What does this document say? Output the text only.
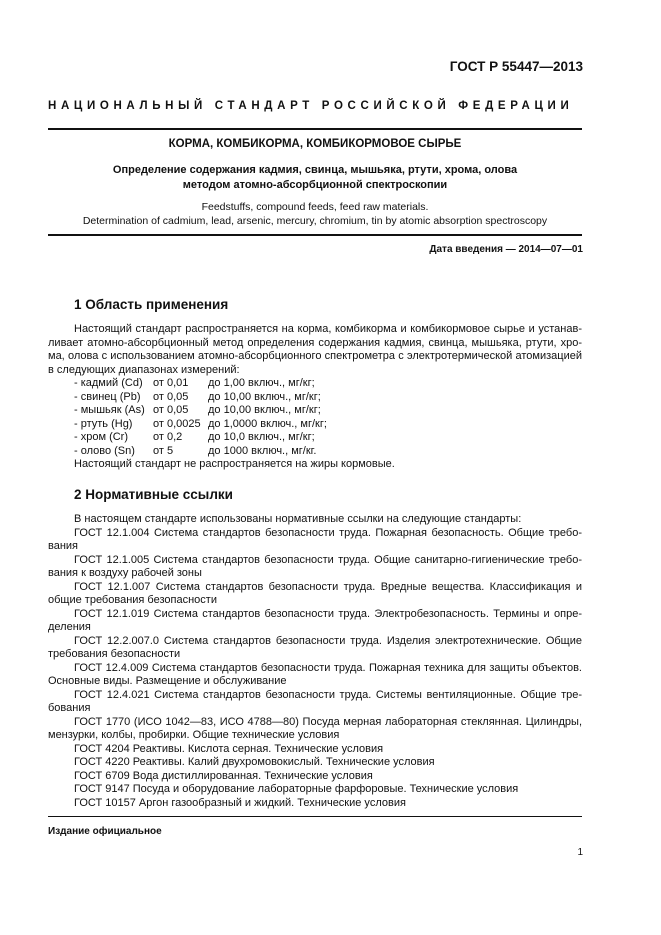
ГОСТ Р 55447—2013
НАЦИОНАЛЬНЫЙ СТАНДАРТ РОССИЙСКОЙ ФЕДЕРАЦИИ
КОРМА, КОМБИКОРМА, КОМБИКОРМОВОЕ СЫРЬЕ
Определение содержания кадмия, свинца, мышьяка, ртути, хрома, олова
методом атомно-абсорбционной спектроскопии
Feedstuffs, compound feeds, feed raw materials.
Determination of cadmium, lead, arsenic, mercury, chromium, tin by atomic absorption spectroscopy
Дата введения — 2014—07—01
1 Область применения

Настоящий стандарт распространяется на корма, комбикорма и комбикормовое сырье и устанав-

ливает атомно-абсорбционный метод определения содержания кадмия, свинца, мышьяка, ртути, хро-

ма, олова с использованием атомно-абсорбционного спектрометра с электротермической атомизацией

в следующих диапазонах измерений:

- кадмий (Cd) от 0,01 до 1,00 включ., мг/кг;
- свинец (Pb) от 0,05 до 10,00 включ., мг/кг;
- мышьяк (As) от 0,05 до 10,00 включ., мг/кг;
- ртуть (Hg) от 0,0025 до 1,0000 включ., мг/кг;
- хром (Cr) от 0,2 до 10,0 включ., мг/кг;
- олово (Sn) от 5	до 1000 включ., мг/кг.
Настоящий стандарт не распространяется на жиры кормовые.
2 Нормативные ссылки

В настоящем стандарте использованы нормативные ссылки на следующие стандарты:

ГОСТ 12.1.004 Система стандартов безопасности труда. Пожарная безопасность. Общие требо-

вания

ГОСТ 12.1.005 Система стандартов безопасности труда. Общие санитарно-гигиенические требо-

вания к воздуху рабочей зоны

ГОСТ 12.1.007 Система стандартов безопасности труда. Вредные вещества. Классификация и

общие требования безопасности

ГОСТ 12.1.019 Система стандартов безопасности труда. Электробезопасность. Термины и опре-

деления

ГОСТ 12.2.007.0 Система стандартов безопасности труда. Изделия электротехнические. Общие

требования безопасности

ГОСТ 12.4.009 Система стандартов безопасности труда. Пожарная техника для защиты объектов.

Основные виды. Размещение и обслуживание

ГОСТ 12.4.021 Система стандартов безопасности труда. Системы вентиляционные. Общие тре-

бования

ГОСТ 1770 (ИСО 1042—83, ИСО 4788—80) Посуда мерная лабораторная стеклянная. Цилиндры,

мензурки, колбы, пробирки. Общие технические условия

ГОСТ 4204 Реактивы. Кислота серная. Технические условия

ГОСТ 4220 Реактивы. Калий двухромовокислый. Технические условия

ГОСТ 6709 Вода дистиллированная. Технические условия

ГОСТ 9147 Посуда и оборудование лабораторные фарфоровые. Технические условия

ГОСТ 10157 Аргон газообразный и жидкий. Технические условия

Издание официальное
1
